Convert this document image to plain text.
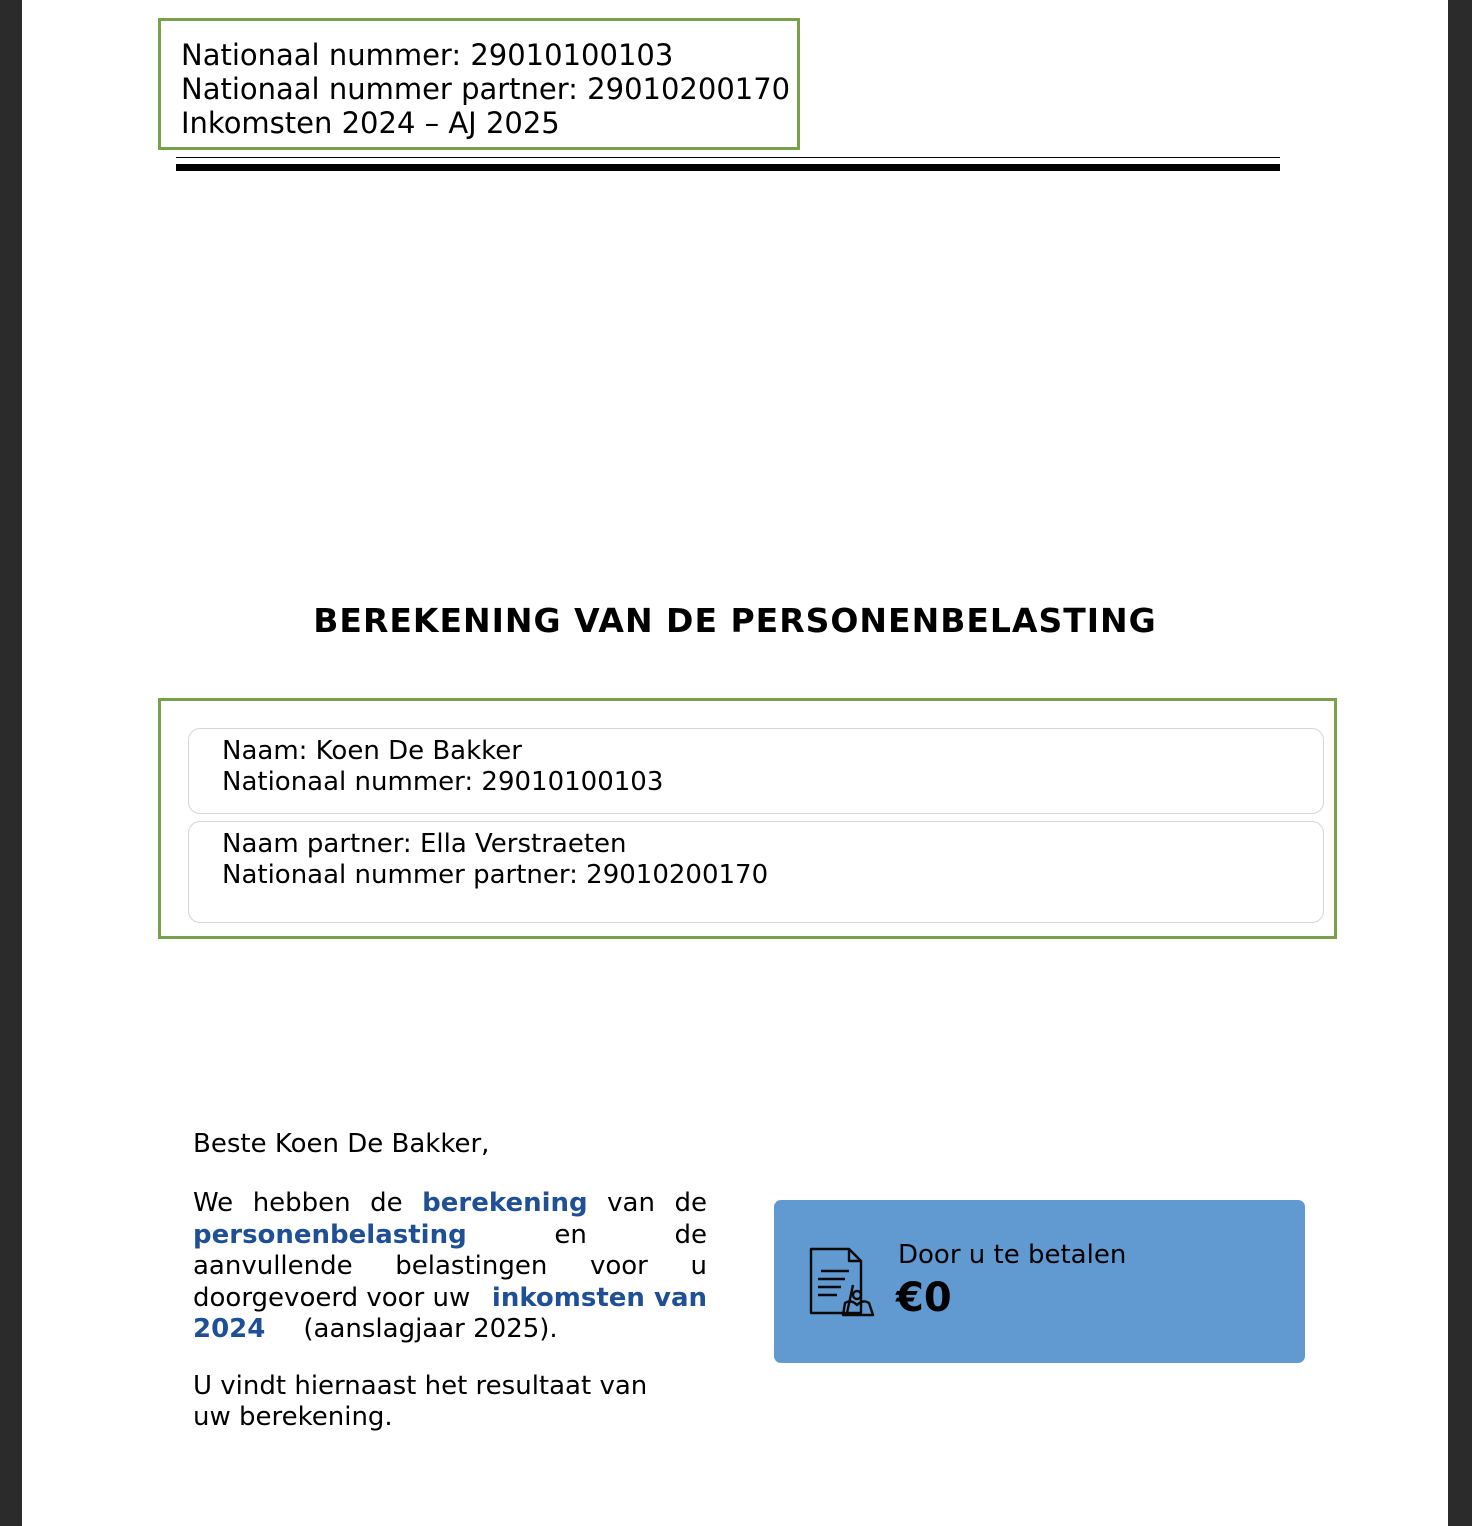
Nationaal nummer: 29010100103
Nationaal nummer partner: 29010200170
Inkomsten 2024 – AJ 2025
BEREKENING VAN DE PERSONENBELASTING
Naam: Koen De Bakker
Nationaal nummer: 29010100103
Naam partner: Ella Verstraeten
Nationaal nummer partner: 29010200170
Beste Koen De Bakker,
We hebben de berekening van de
personenbelasting	en	de
aanvullende belastingen voor u
doorgevoerd voor uw inkomsten van
2024 (aanslagjaar 2025).
U vindt hiernaast het resultaat van uw berekening.
Door u te betalen
€0
